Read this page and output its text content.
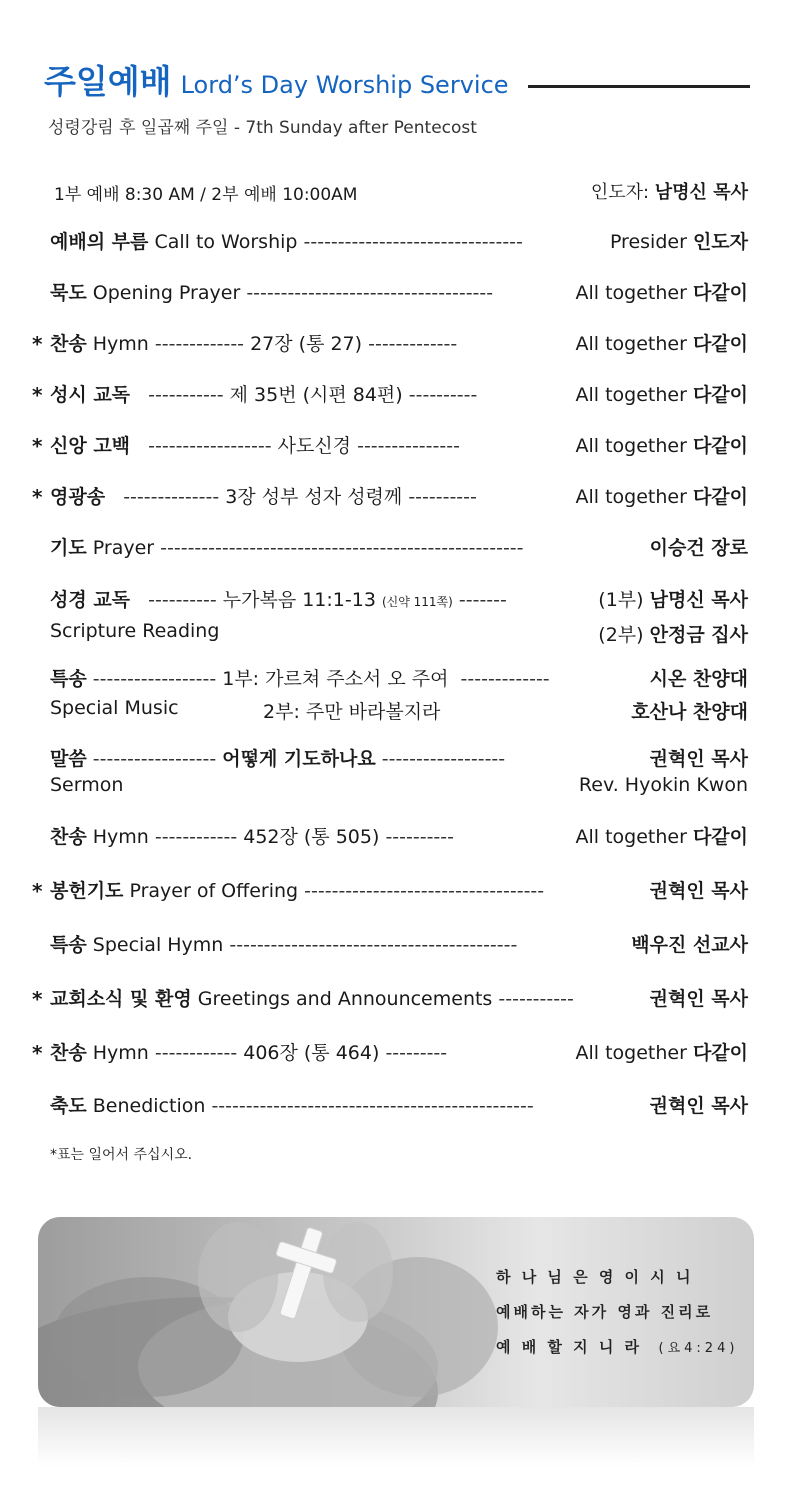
주일예배 Lord’s Day Worship Service
성령강림 후 일곱째 주일 - 7th Sunday after Pentecost
1부 예배 8:30 AM / 2부 예배 10:00AM	인도자: 남명신 목사
예배의 부름 Call to Worship --------------------------------	Presider 인도자
묵도 Opening Prayer ------------------------------------	All together 다같이
* 찬송 Hymn ------------- 27장 (통 27) -------------	All together 다같이
* 성시 교독 ----------- 제 35번 (시편 84편) ----------	All together 다같이
* 신앙 고백 ------------------ 사도신경 ---------------	All together 다같이
* 영광송 -------------- 3장 성부 성자 성령께 ----------	All together 다같이
기도 Prayer -----------------------------------------------------	이승건 장로
성경 교독 ---------- 누가복음 11:1-13 (신약 111쪽) -------	(1부) 남명신 목사
Scripture Reading	(2부) 안정금 집사
특송 ------------------ 1부: 가르쳐 주소서 오 주여 -------------	시온 찬양대
Special Music	2부: 주만 바라볼지라	호산나 찬양대
말씀 ------------------ 어떻게 기도하나요 ------------------	권혁인 목사
Sermon	Rev. Hyokin Kwon
찬송 Hymn ------------ 452장 (통 505) ----------	All together 다같이
* 봉헌기도 Prayer of Offering -----------------------------------	권혁인 목사
특송 Special Hymn ------------------------------------------	백우진 선교사
* 교회소식 및 환영 Greetings and Announcements -----------	권혁인 목사
* 찬송 Hymn ------------ 406장 (통 464) ---------	All together 다같이
축도 Benediction -----------------------------------------------	권혁인 목사
*표는 일어서 주십시오.
하 나 님 은 영 이 시 니
예배하는 자가 영과 진리로
예 배 할 지 니 라 (요4:24)
